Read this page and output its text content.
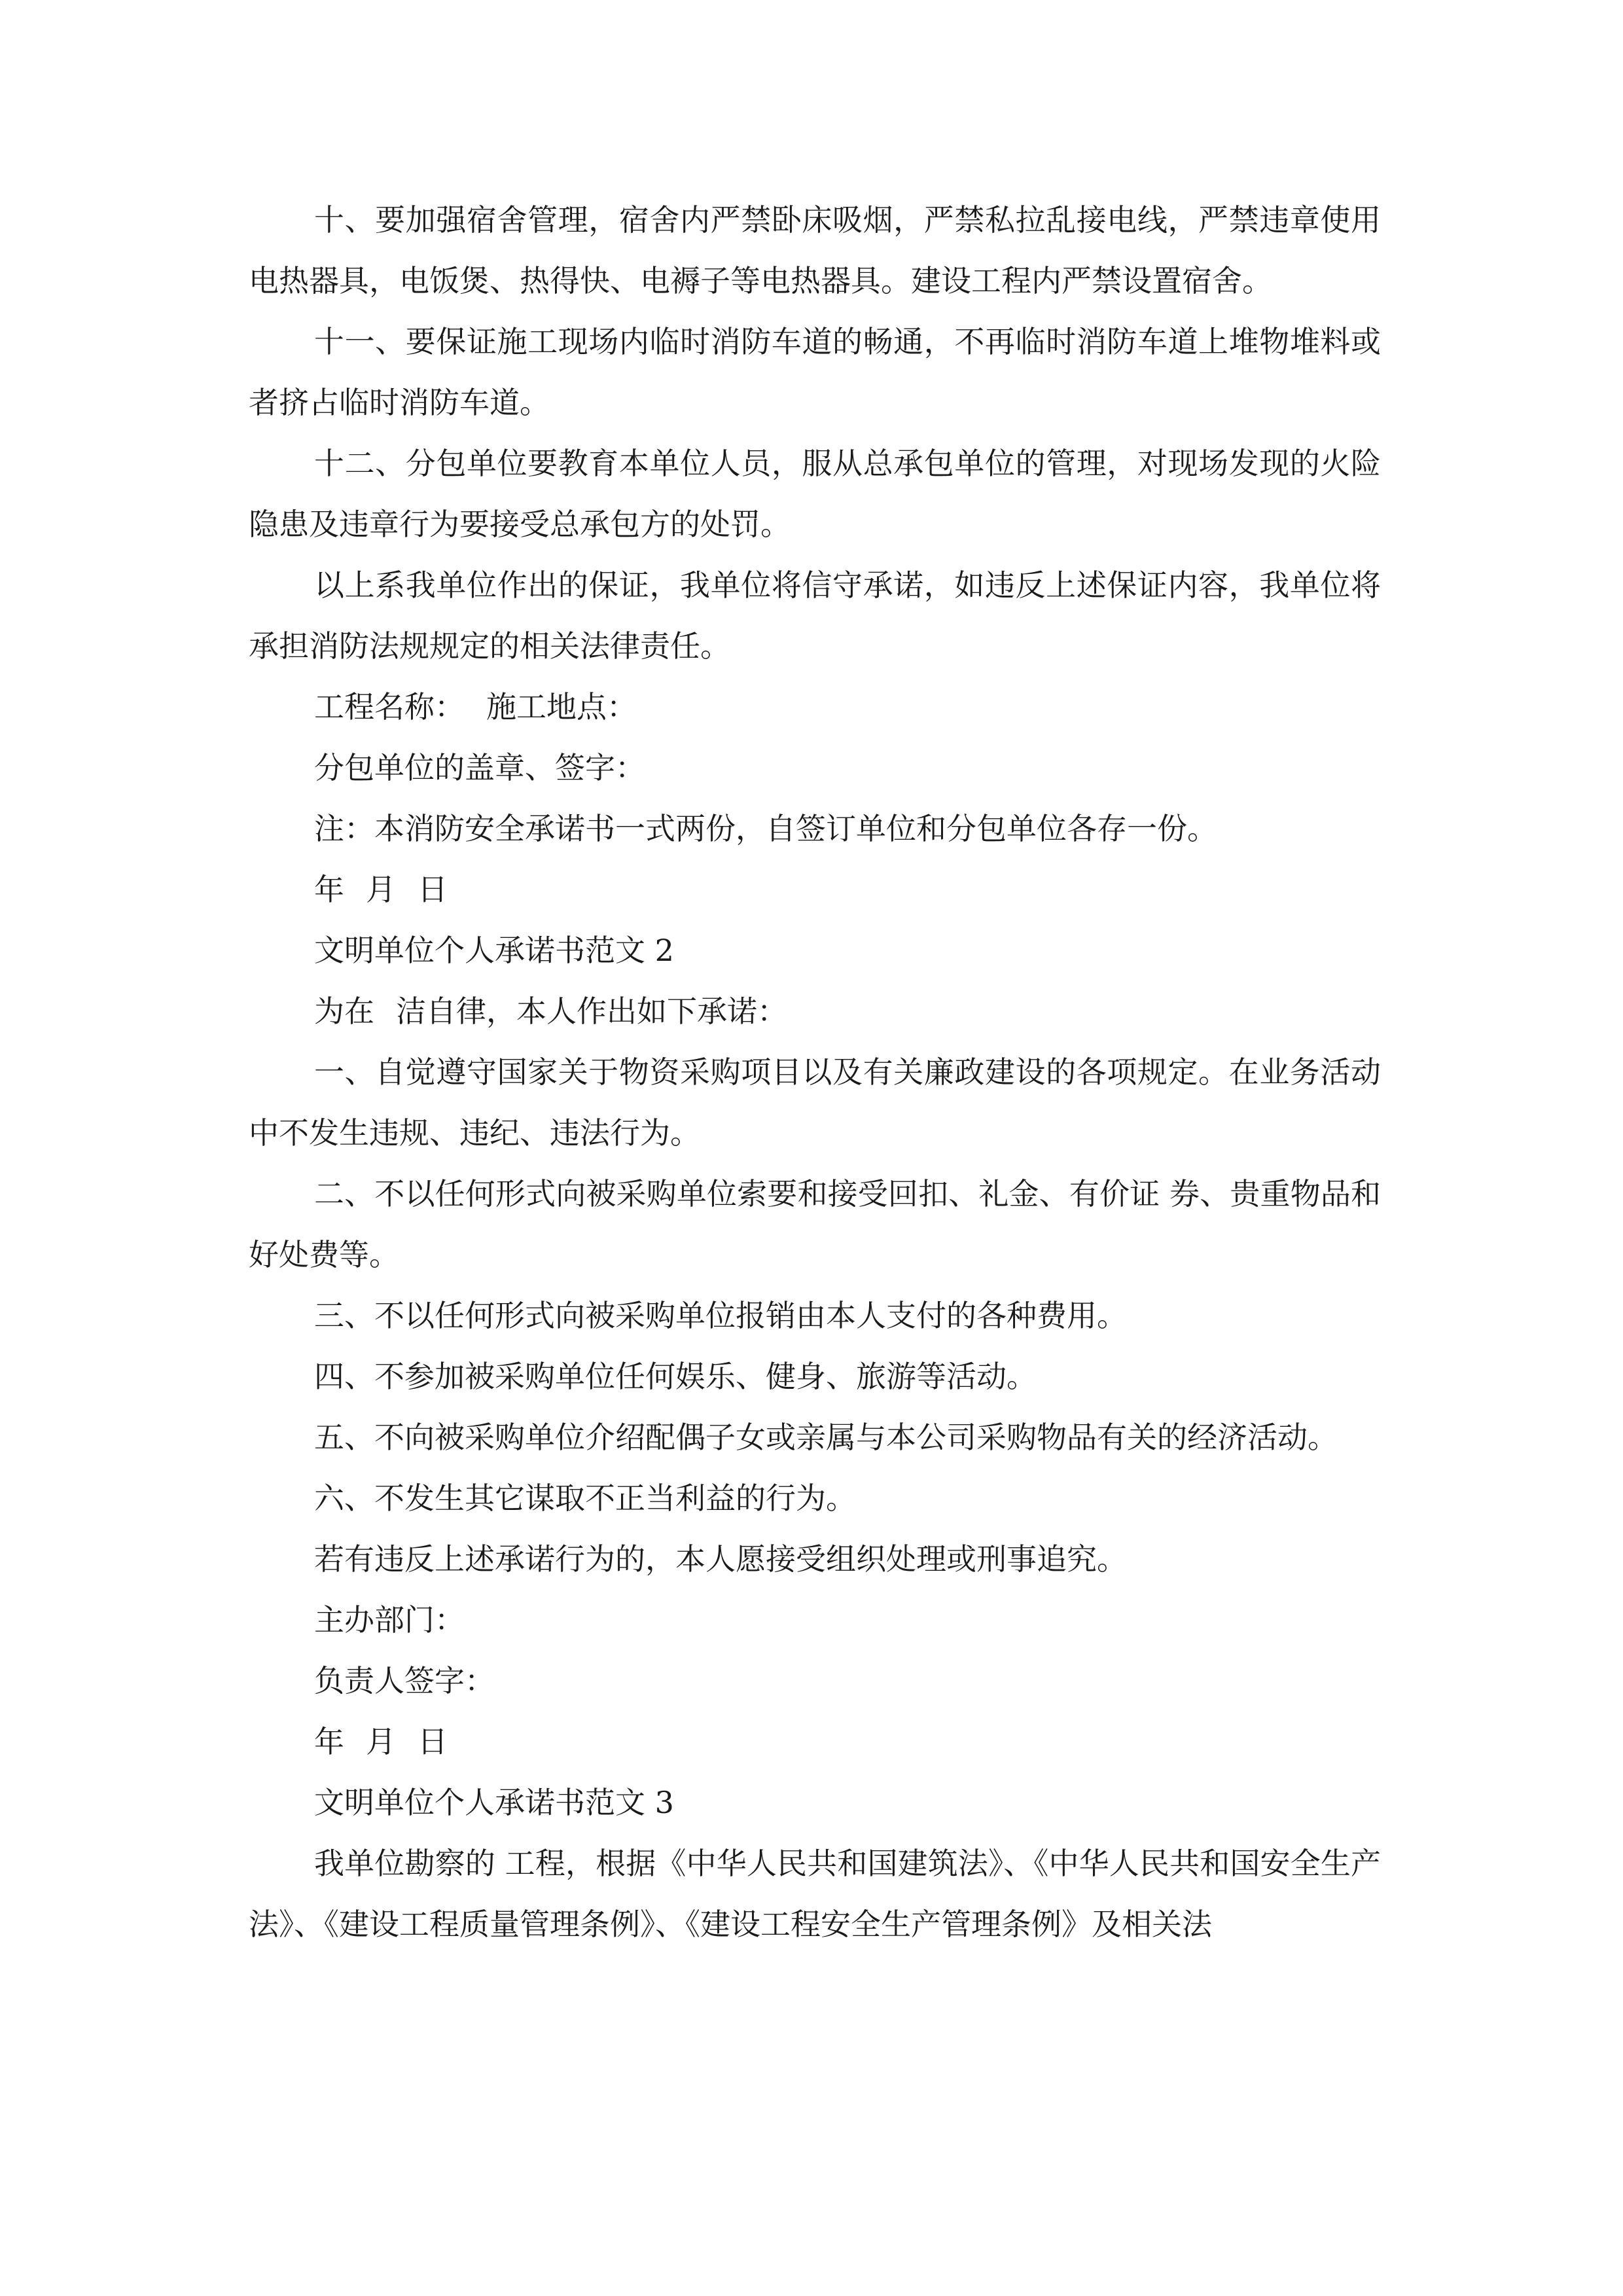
十、要加强宿舍管理，宿舍内严禁卧床吸烟，严禁私拉乱接电线，严禁违章使用电热器具，电饭煲、热得快、电褥子等电热器具。建设工程内严禁设置宿舍。

十一、要保证施工现场内临时消防车道的畅通，不再临时消防车道上堆物堆料或者挤占临时消防车道。

十二、分包单位要教育本单位人员，服从总承包单位的管理，对现场发现的火险隐患及违章行为要接受总承包方的处罚。

以上系我单位作出的保证，我单位将信守承诺，如违反上述保证内容，我单位将承担消防法规规定的相关法律责任。

工程名称： 施工地点：

分包单位的盖章、签字：

注：本消防安全承诺书一式两份，自签订单位和分包单位各存一份。

年 月 日

文明单位个人承诺书范文 2

为在 洁自律，本人作出如下承诺：

一、自觉遵守国家关于物资采购项目以及有关廉政建设的各项规定。在业务活动中不发生违规、违纪、违法行为。

二、不以任何形式向被采购单位索要和接受回扣、礼金、有价证 券、贵重物品和好处费等。

三、不以任何形式向被采购单位报销由本人支付的各种费用。

四、不参加被采购单位任何娱乐、健身、旅游等活动。

五、不向被采购单位介绍配偶子女或亲属与本公司采购物品有关的经济活动。

六、不发生其它谋取不正当利益的行为。

若有违反上述承诺行为的，本人愿接受组织处理或刑事追究。

主办部门：

负责人签字：

年 月 日

文明单位个人承诺书范文 3

我单位勘察的 工程，根据《中华人民共和国建筑法》、《中华人民共和国安全生产法》、《建设工程质量管理条例》、《建设工程安全生产管理条例》及相关法
